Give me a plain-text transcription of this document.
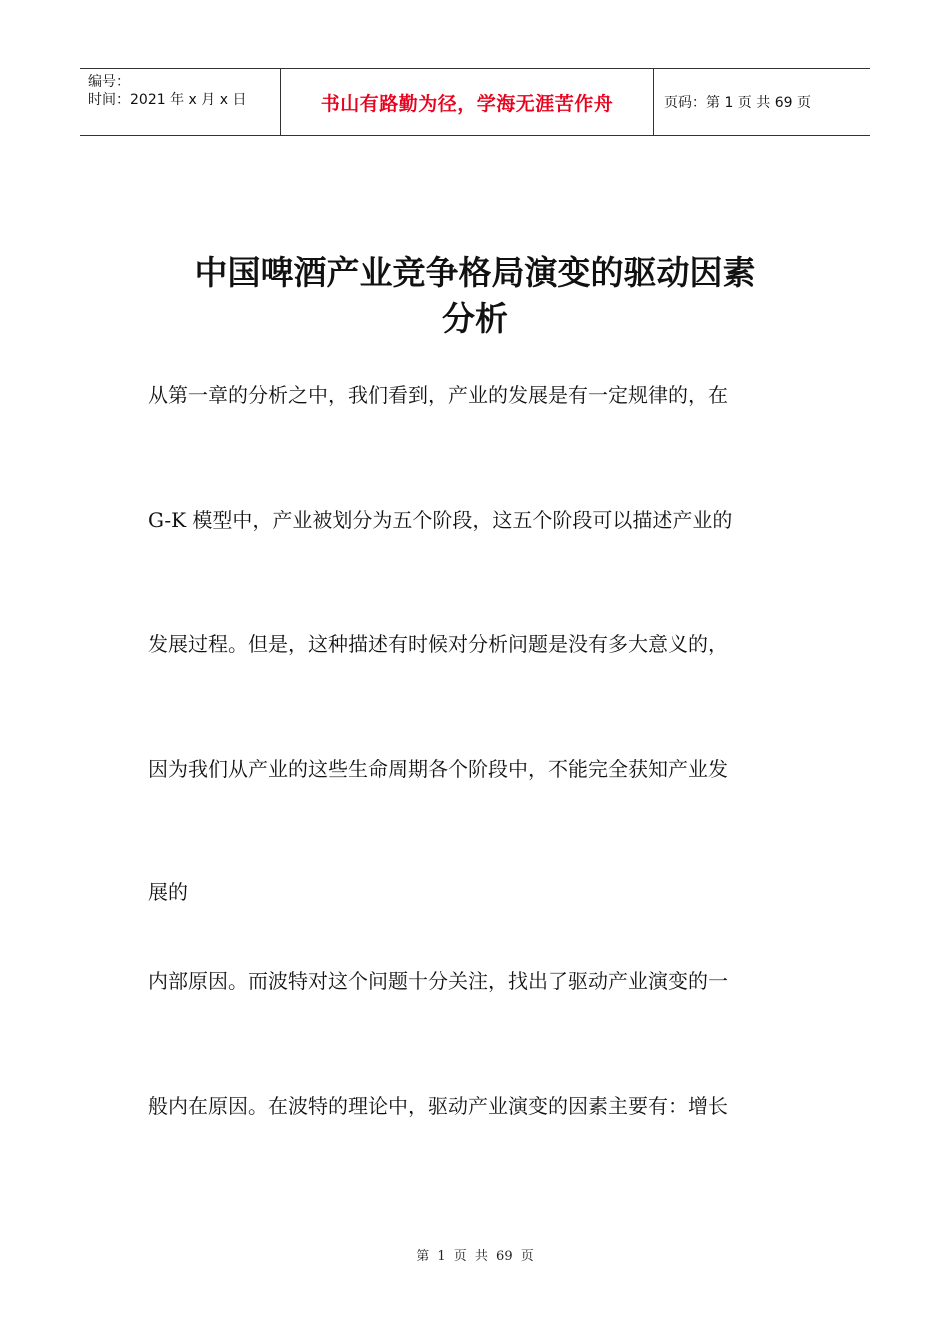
编号：
时间：2021 年 x 月 x 日	书山有路勤为径，学海无涯苦作舟	页码：第 1 页 共 69 页
中国啤酒产业竞争格局演变的驱动因素
分析
从第一章的分析之中，我们看到，产业的发展是有一定规律的，在
G-K 模型中，产业被划分为五个阶段，这五个阶段可以描述产业的
发展过程。但是，这种描述有时候对分析问题是没有多大意义的，
因为我们从产业的这些生命周期各个阶段中，不能完全获知产业发
展的
内部原因。而波特对这个问题十分关注，找出了驱动产业演变的一
般内在原因。在波特的理论中，驱动产业演变的因素主要有：增长
第 1 页 共 69 页
